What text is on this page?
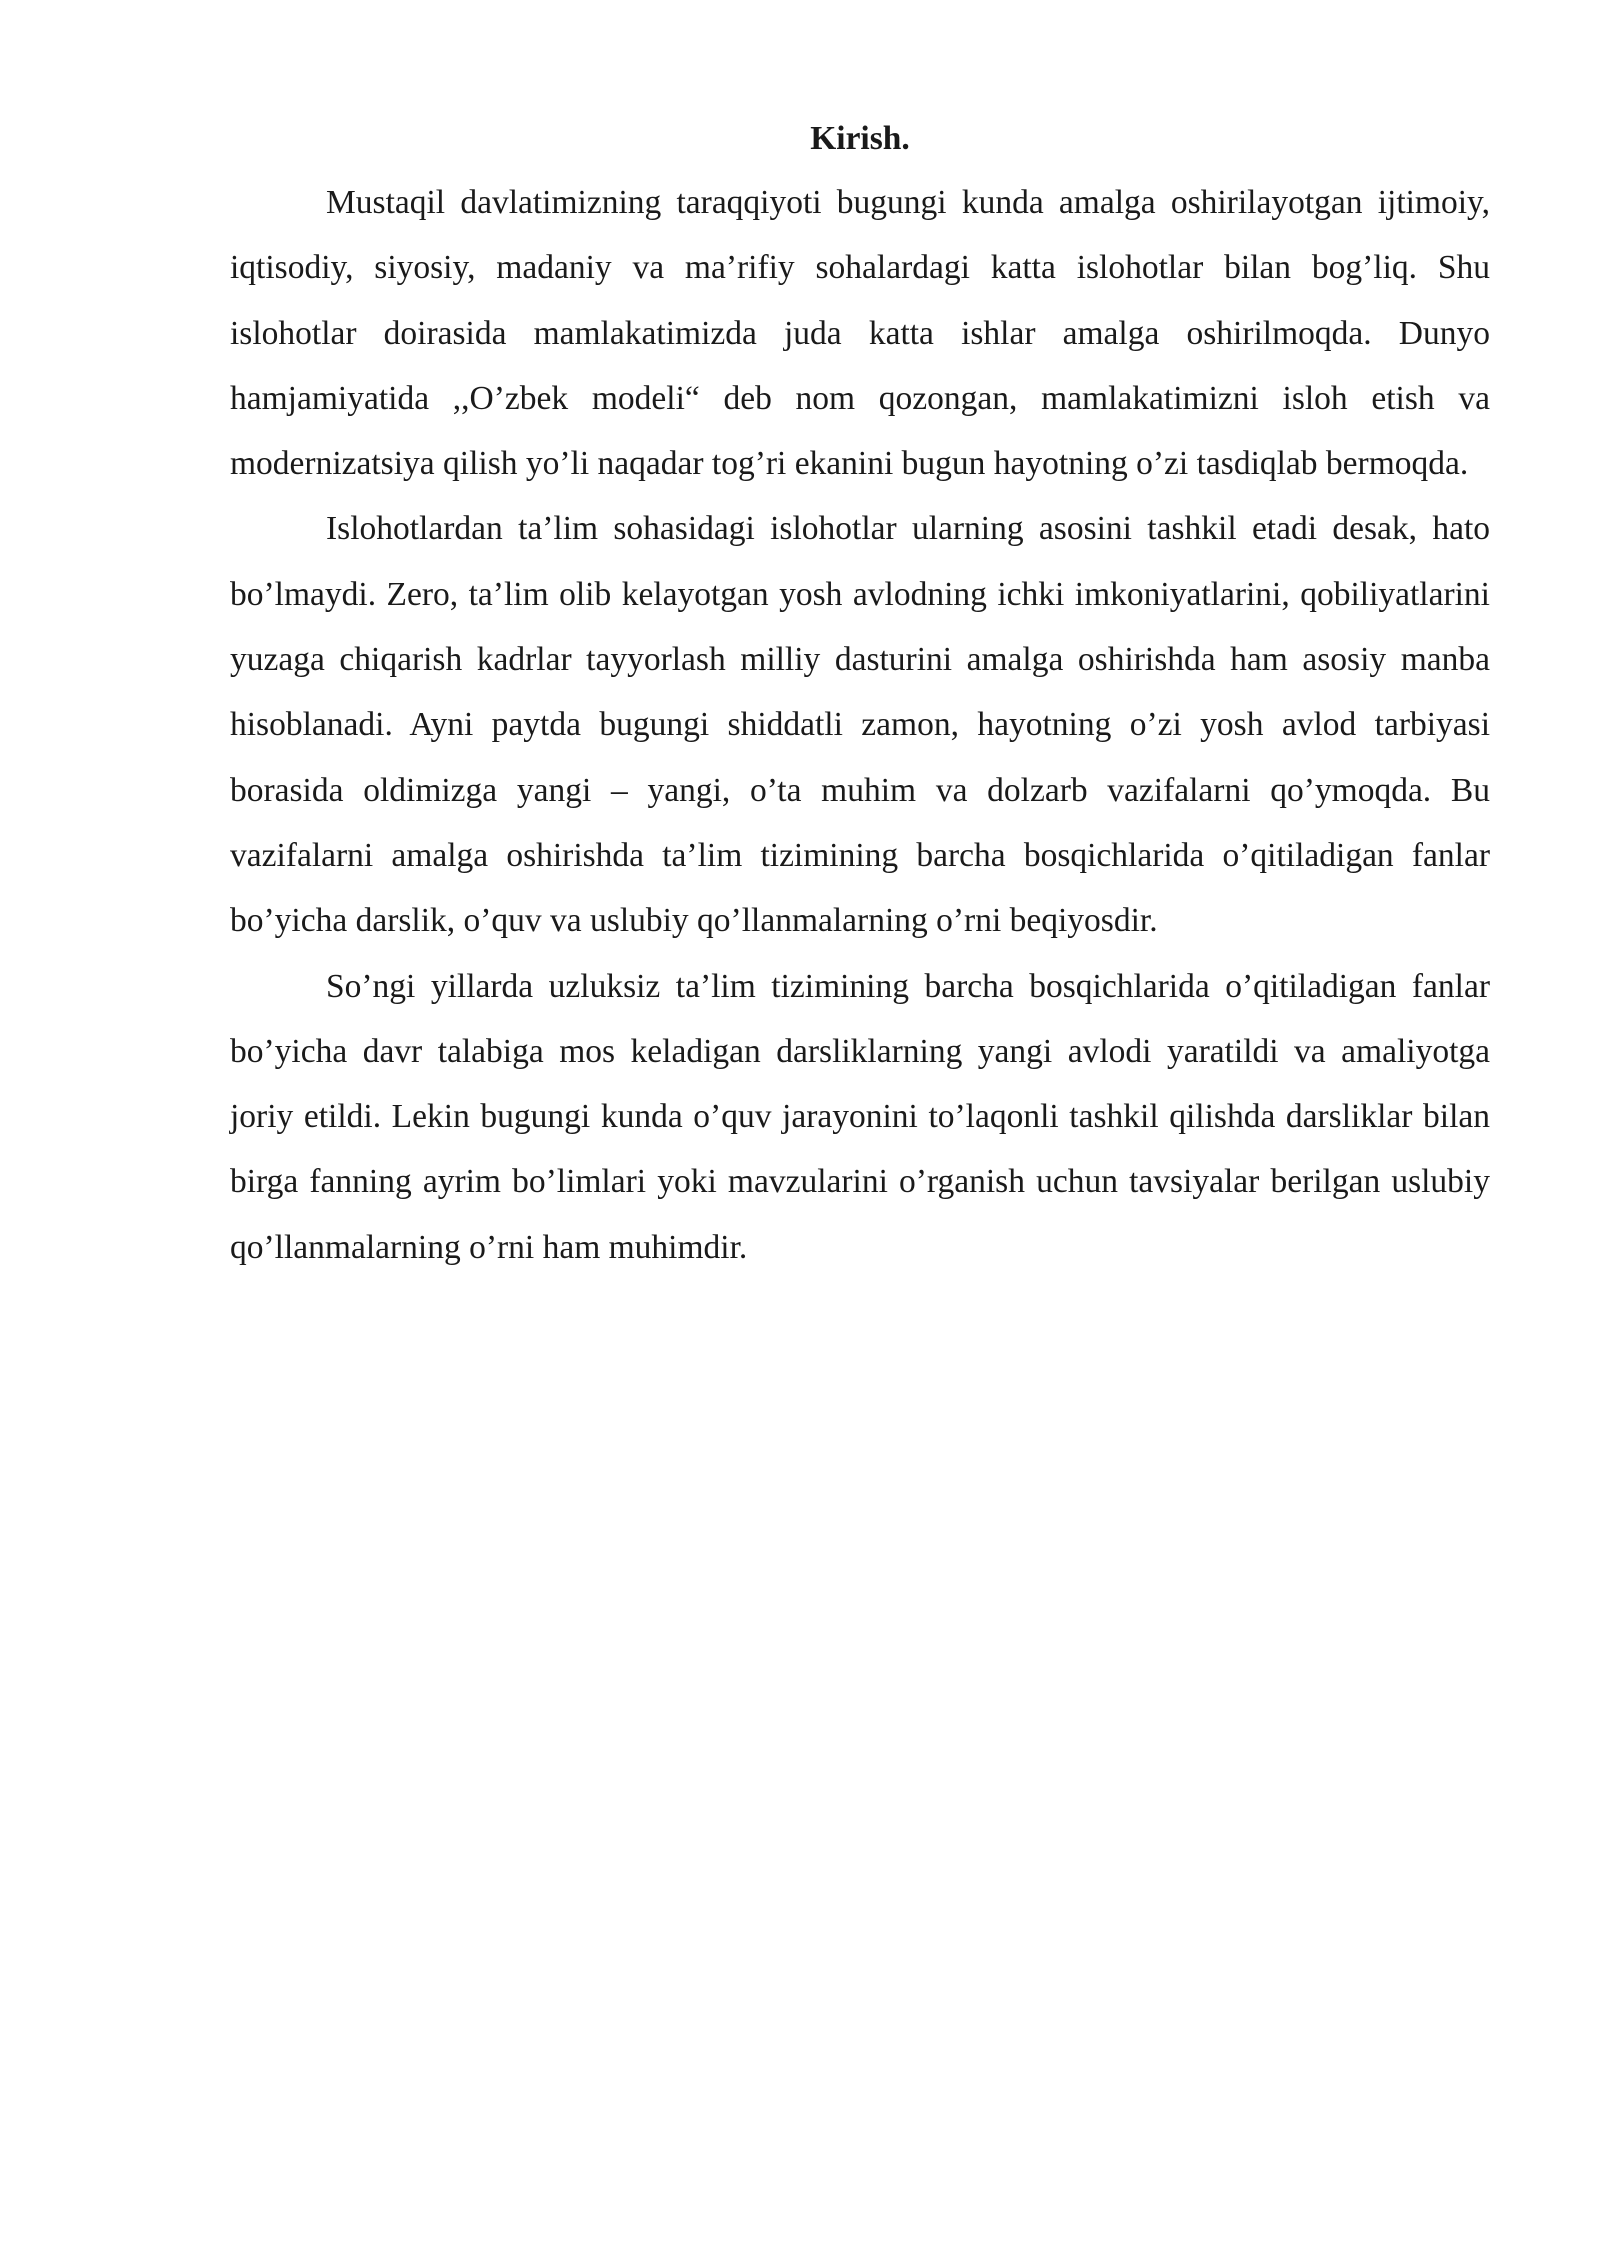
Kirish.

Mustaqil davlatimizning taraqqiyoti bugungi kunda amalga oshirilayotgan ijtimoiy, iqtisodiy, siyosiy, madaniy va ma’rifiy sohalardagi katta islohotlar bilan bog’liq. Shu islohotlar doirasida mamlakatimizda juda katta ishlar amalga oshirilmoqda. Dunyo hamjamiyatida ,,O’zbek modeli“ deb nom qozongan, mamlakatimizni isloh etish va modernizatsiya qilish yo’li naqadar tog’ri ekanini bugun hayotning o’zi tasdiqlab bermoqda.

Islohotlardan ta’lim sohasidagi islohotlar ularning asosini tashkil etadi desak, hato bo’lmaydi. Zero, ta’lim olib kelayotgan yosh avlodning ichki imkoniyatlarini, qobiliyatlarini yuzaga chiqarish kadrlar tayyorlash milliy dasturini amalga oshirishda ham asosiy manba hisoblanadi. Ayni paytda bugungi shiddatli zamon, hayotning o’zi yosh avlod tarbiyasi borasida oldimizga yangi – yangi, o’ta muhim va dolzarb vazifalarni qo’ymoqda. Bu vazifalarni amalga oshirishda ta’lim tizimining barcha bosqichlarida o’qitiladigan fanlar bo’yicha darslik, o’quv va uslubiy qo’llanmalarning o’rni beqiyosdir.

So’ngi yillarda uzluksiz ta’lim tizimining barcha bosqichlarida o’qitiladigan fanlar bo’yicha davr talabiga mos keladigan darsliklarning yangi avlodi yaratildi va amaliyotga joriy etildi. Lekin bugungi kunda o’quv jarayonini to’laqonli tashkil qilishda darsliklar bilan birga fanning ayrim bo’limlari yoki mavzularini o’rganish uchun tavsiyalar berilgan uslubiy qo’llanmalarning o’rni ham muhimdir.
